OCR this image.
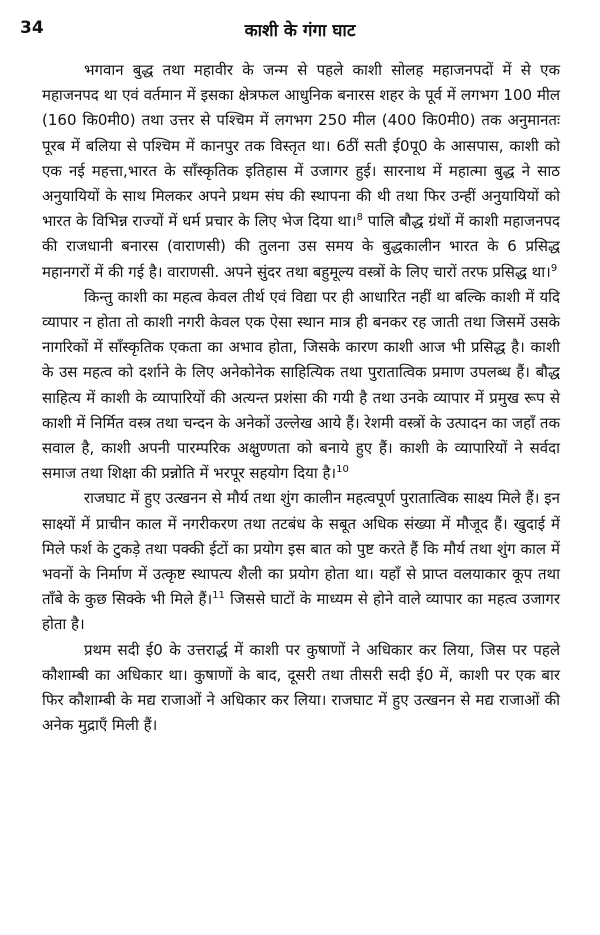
34	काशी के गंगा घाट

भगवान बुद्ध तथा महावीर के जन्म से पहले काशी सोलह महाजनपदों में से एक महाजनपद था एवं वर्तमान में इसका क्षेत्रफल आधुनिक बनारस शहर के पूर्व में लगभग 100 मील (160 कि0मी0) तथा उत्तर से पश्चिम में लगभग 250 मील (400 कि0मी0) तक अनुमानतः पूरब में बलिया से पश्चिम में कानपुर तक विस्तृत था। 6ठीं सती ई0पू0 के आसपास, काशी को एक नई महत्ता,भारत के साँस्कृतिक इतिहास में उजागर हुई। सारनाथ में महात्मा बुद्ध ने साठ अनुयायियों के साथ मिलकर अपने प्रथम संघ की स्थापना की थी तथा फिर उन्हीं अनुयायियों को भारत के विभिन्न राज्यों में धर्म प्रचार के लिए भेज दिया था।$^8$ पालि बौद्ध ग्रंथों में काशी महाजनपद की राजधानी बनारस (वाराणसी) की तुलना उस समय के बुद्धकालीन भारत के 6 प्रसिद्ध महानगरों में की गई है। वाराणसी. अपने सुंदर तथा बहुमूल्य वस्त्रों के लिए चारों तरफ प्रसिद्ध था।$^9$

किन्तु काशी का महत्व केवल तीर्थ एवं विद्या पर ही आधारित नहीं था बल्कि काशी में यदि व्यापार न होता तो काशी नगरी केवल एक ऐसा स्थान मात्र ही बनकर रह जाती तथा जिसमें उसके नागरिकों में साँस्कृतिक एकता का अभाव होता, जिसके कारण काशी आज भी प्रसिद्ध है। काशी के उस महत्व को दर्शाने के लिए अनेकोनेक साहित्यिक तथा पुरातात्विक प्रमाण उपलब्ध हैं। बौद्ध साहित्य में काशी के व्यापारियों की अत्यन्त प्रशंसा की गयी है तथा उनके व्यापार में प्रमुख रूप से काशी में निर्मित वस्त्र तथा चन्दन के अनेकों उल्लेख आये हैं। रेशमी वस्त्रों के उत्पादन का जहाँ तक सवाल है, काशी अपनी पारम्परिक अक्षुण्णता को बनाये हुए हैं। काशी के व्यापारियों ने सर्वदा समाज तथा शिक्षा की प्रन्नोति में भरपूर सहयोग दिया है।$^{10}$

राजघाट में हुए उत्खनन से मौर्य तथा शुंग कालीन महत्वपूर्ण पुरातात्विक साक्ष्य मिले हैं। इन साक्ष्यों में प्राचीन काल में नगरीकरण तथा तटबंध के सबूत अधिक संख्या में मौजूद हैं। खुदाई में मिले फर्श के टुकड़े तथा पक्की ईटों का प्रयोग इस बात को पुष्ट करते हैं कि मौर्य तथा शुंग काल में भवनों के निर्माण में उत्कृष्ट स्थापत्य शैली का प्रयोग होता था। यहाँ से प्राप्त वलयाकार कूप तथा ताँबे के कुछ सिक्के भी मिले हैं।$^{11}$ जिससे घाटों के माध्यम से होने वाले व्यापार का महत्व उजागर होता है।

प्रथम सदी ई0 के उत्तरार्द्ध में काशी पर कुषाणों ने अधिकार कर लिया, जिस पर पहले कौशाम्बी का अधिकार था। कुषाणों के बाद, दूसरी तथा तीसरी सदी ई0 में, काशी पर एक बार फिर कौशाम्बी के मद्य राजाओं ने अधिकार कर लिया। राजघाट में हुए उत्खनन से मद्य राजाओं की अनेक मुद्राएँ मिली हैं।
